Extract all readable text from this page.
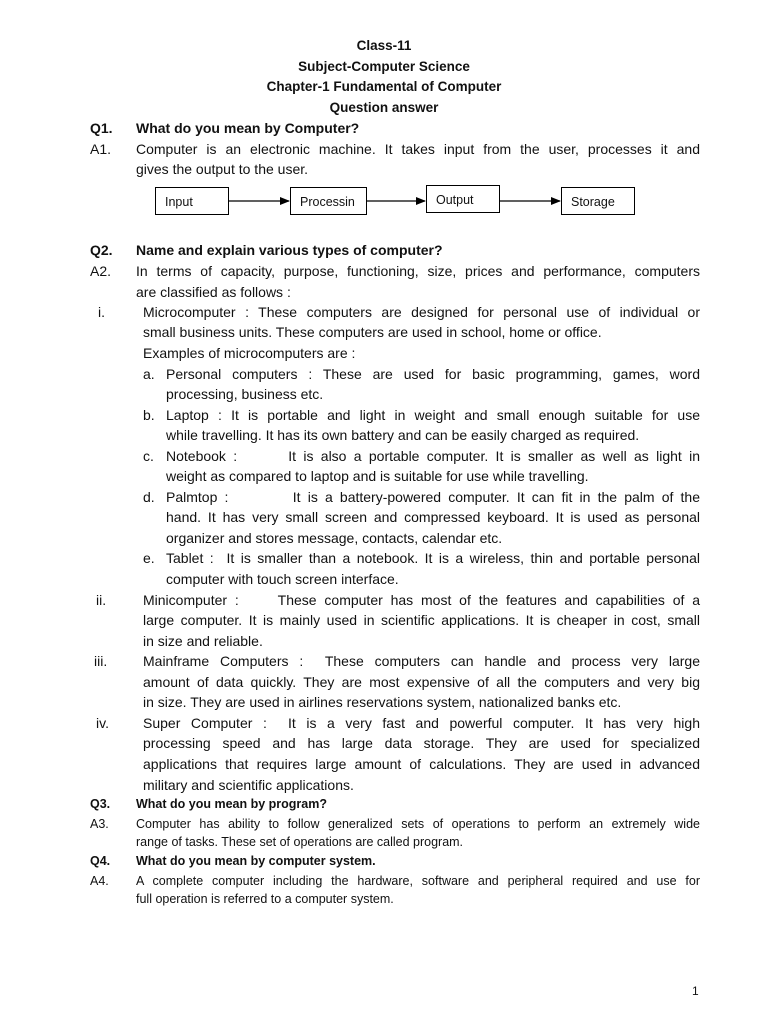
Class-11
Subject-Computer Science
Chapter-1 Fundamental of Computer
Question answer
Q1. What do you mean by Computer?
A1. Computer is an electronic machine. It takes input from the user, processes it and
gives the output to the user.
Input	Processin	Output	Storage
Q2. Name and explain various types of computer?
A2. In terms of capacity, purpose, functioning, size, prices and performance, computers
are classified as follows :
i.	Microcomputer : These computers are designed for personal use of individual or
small business units. These computers are used in school, home or office.
Examples of microcomputers are :
a. Personal computers : These are used for basic programming, games, word
processing, business etc.
b. Laptop : It is portable and light in weight and small enough suitable for use
while travelling. It has its own battery and can be easily charged as required.
c. Notebook :       It is also a portable computer. It is smaller as well as light in
weight as compared to laptop and is suitable for use while travelling.
d. Palmtop :         It is a battery-powered computer. It can fit in the palm of the
hand. It has very small screen and compressed keyboard. It is used as personal
organizer and stores message, contacts, calendar etc.
e. Tablet :  It is smaller than a notebook. It is a wireless, thin and portable personal
computer with touch screen interface.
ii.	Minicomputer :     These computer has most of the features and capabilities of a
large computer. It is mainly used in scientific applications. It is cheaper in cost, small
in size and reliable.
iii.	Mainframe Computers :  These computers can handle and process very large
amount of data quickly. They are most expensive of all the computers and very big
in size. They are used in airlines reservations system, nationalized banks etc.
iv. Super Computer :  It is a very fast and powerful computer. It has very high
processing speed and has large data storage. They are used for specialized
applications that requires large amount of calculations. They are used in advanced
military and scientific applications.
Q3. What do you mean by program?
A3. Computer has ability to follow generalized sets of operations to perform an extremely wide
range of tasks. These set of operations are called program.
Q4. What do you mean by computer system.
A4. A complete computer including the hardware, software and peripheral required and use for
full operation is referred to a computer system.
1
